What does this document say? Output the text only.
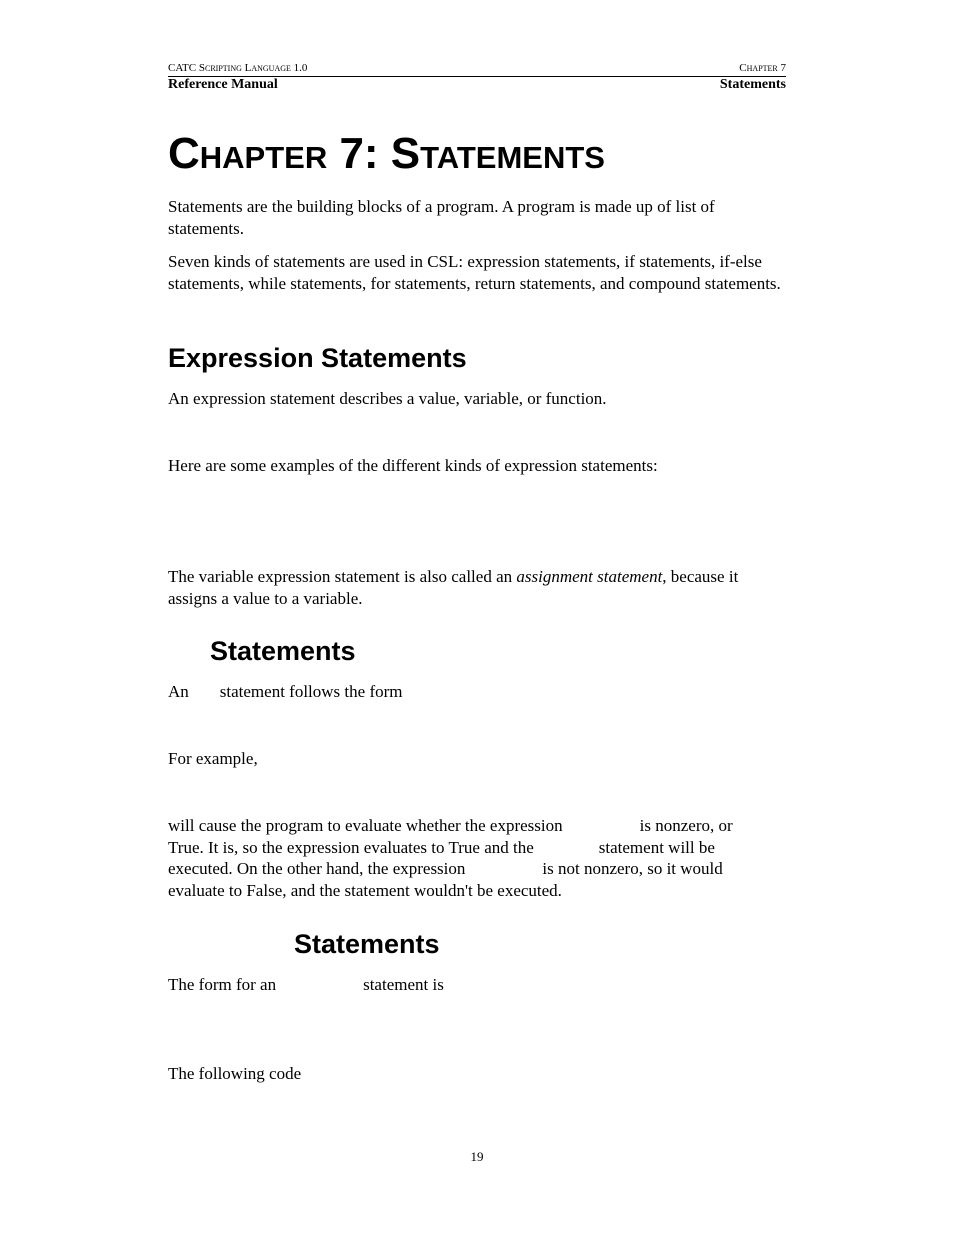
CATC Scripting Language 1.0	Chapter 7
Reference Manual	Statements
Chapter 7: Statements

Statements are the building blocks of a program. A program is made up of list of statements.

Seven kinds of statements are used in CSL: expression statements, if statements, if-else statements, while statements, for statements, return statements, and compound statements.

Expression Statements

An expression statement describes a value, variable, or function.

Here are some examples of the different kinds of expression statements:

The variable expression statement is also called an assignment statement, because it assigns a value to a variable.

Statements

An statement follows the form

For example,

will cause the program to evaluate whether the expression	is nonzero, or

True. It is, so the expression evaluates to True and the	statement will be

executed. On the other hand, the expression	is not nonzero, so it would

evaluate to False, and the statement wouldn't be executed.

Statements

The form for an	statement is

The following code

19
